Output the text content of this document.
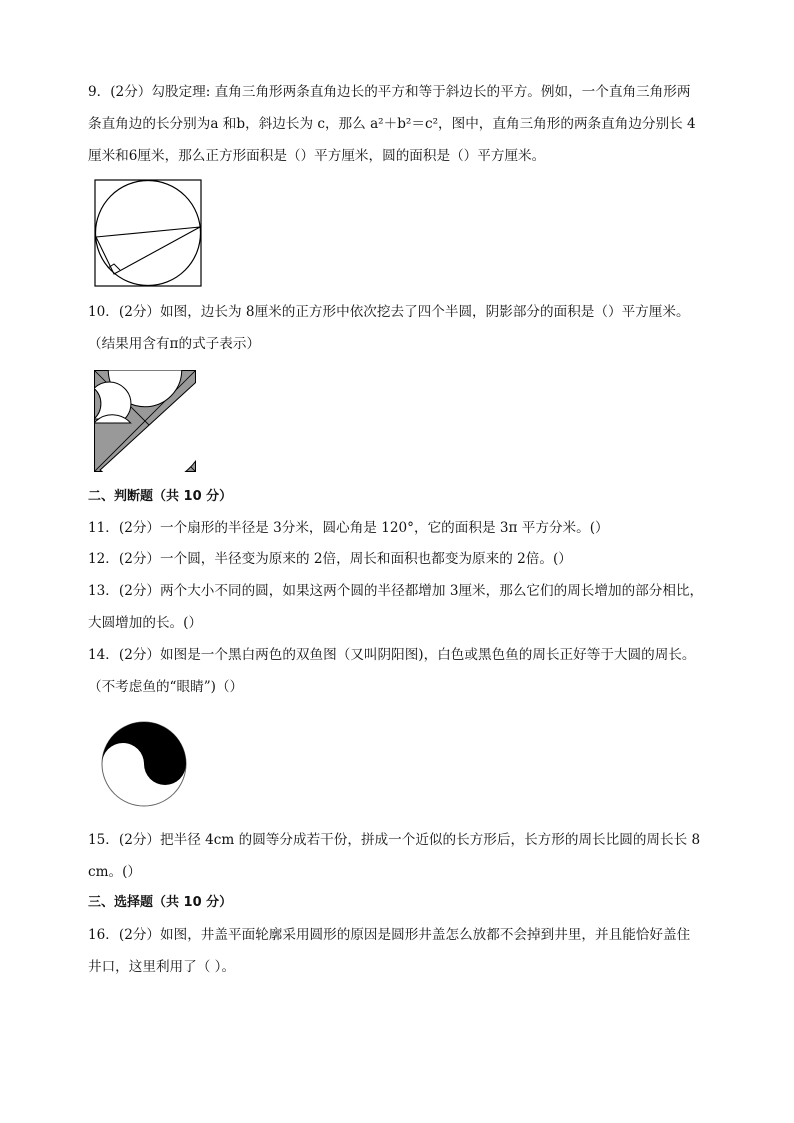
9．(2分）勾股定理: 直角三角形两条直角边长的平方和等于斜边长的平方。例如，一个直角三角形两
条直角边的长分别为a 和b，斜边长为 c，那么 a²＋b²＝c²，图中，直角三角形的两条直角边分别长 4
厘米和6厘米，那么正方形面积是（）平方厘米，圆的面积是（）平方厘米。
10．(2分）如图，边长为 8厘米的正方形中依次挖去了四个半圆，阴影部分的面积是（）平方厘米。
（结果用含有π的式子表示）
二、判断题（共 10 分）
11．(2分）一个扇形的半径是 3分米，圆心角是 120°，它的面积是 3π 平方分米。(）
12．(2分）一个圆，半径变为原来的 2倍，周长和面积也都变为原来的 2倍。(）
13．(2分）两个大小不同的圆，如果这两个圆的半径都增加 3厘米，那么它们的周长增加的部分相比，
大圆增加的长。(）
14．(2分）如图是一个黑白两色的双鱼图（又叫阴阳图)，白色或黑色鱼的周长正好等于大圆的周长。
（不考虑鱼的“眼睛”)（）
15．(2分）把半径 4cm 的圆等分成若干份，拼成一个近似的长方形后，长方形的周长比圆的周长长 8
cm。(）
三、选择题（共 10 分）
16．(2分）如图，井盖平面轮廓采用圆形的原因是圆形井盖怎么放都不会掉到井里，并且能恰好盖住
井口，这里利用了（ ）。
